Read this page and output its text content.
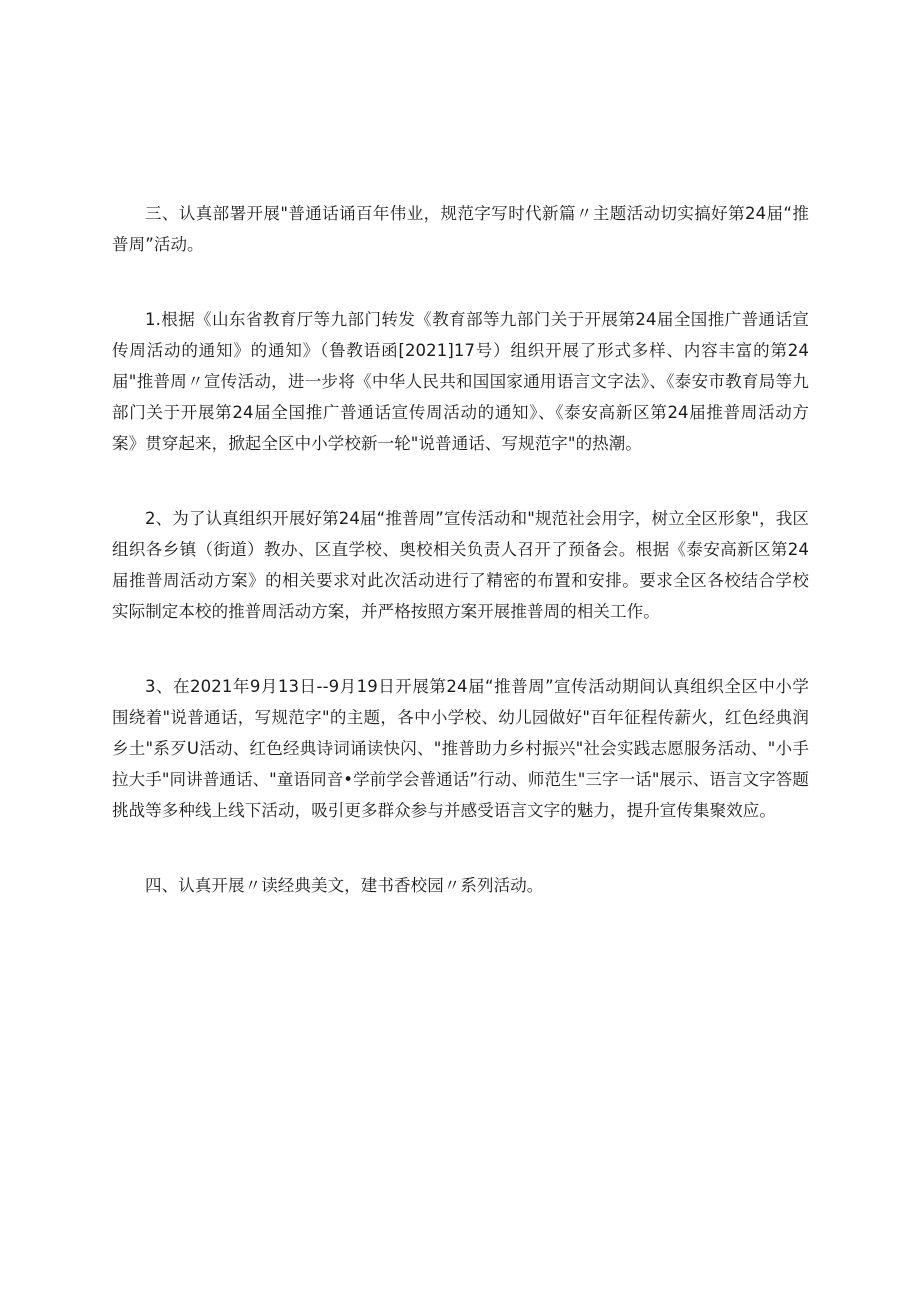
三、认真部署开展"普通话诵百年伟业，规范字写时代新篇〃主题活动切实搞好第24届“推普周”活动。

1.根据《山东省教育厅等九部门转发《教育部等九部门关于开展第24届全国推广普通话宣传周活动的通知》的通知》（鲁教语函[2021]17号）组织开展了形式多样、内容丰富的第24届"推普周〃宣传活动，进一步将《中华人民共和国国家通用语言文字法》、《泰安市教育局等九部门关于开展第24届全国推广普通话宣传周活动的通知》、《泰安高新区第24届推普周活动方案》贯穿起来，掀起全区中小学校新一轮"说普通话、写规范字"的热潮。

2、为了认真组织开展好第24届“推普周”宣传活动和"规范社会用字，树立全区形象"，我区组织各乡镇（街道）教办、区直学校、奥校相关负责人召开了预备会。根据《泰安高新区第24届推普周活动方案》的相关要求对此次活动进行了精密的布置和安排。要求全区各校结合学校实际制定本校的推普周活动方案，并严格按照方案开展推普周的相关工作。

3、在2021年9月13日--9月19日开展第24届“推普周”宣传活动期间认真组织全区中小学围绕着"说普通话，写规范字"的主题，各中小学校、幼儿园做好"百年征程传薪火，红色经典润乡土"系歹U活动、红色经典诗词诵读快闪、"推普助力乡村振兴"社会实践志愿服务活动、"小手拉大手"同讲普通话、"童语同音•学前学会普通话”行动、师范生"三字一话"展示、语言文字答题挑战等多种线上线下活动，吸引更多群众参与并感受语言文字的魅力，提升宣传集聚效应。

四、认真开展〃读经典美文，建书香校园〃系列活动。
